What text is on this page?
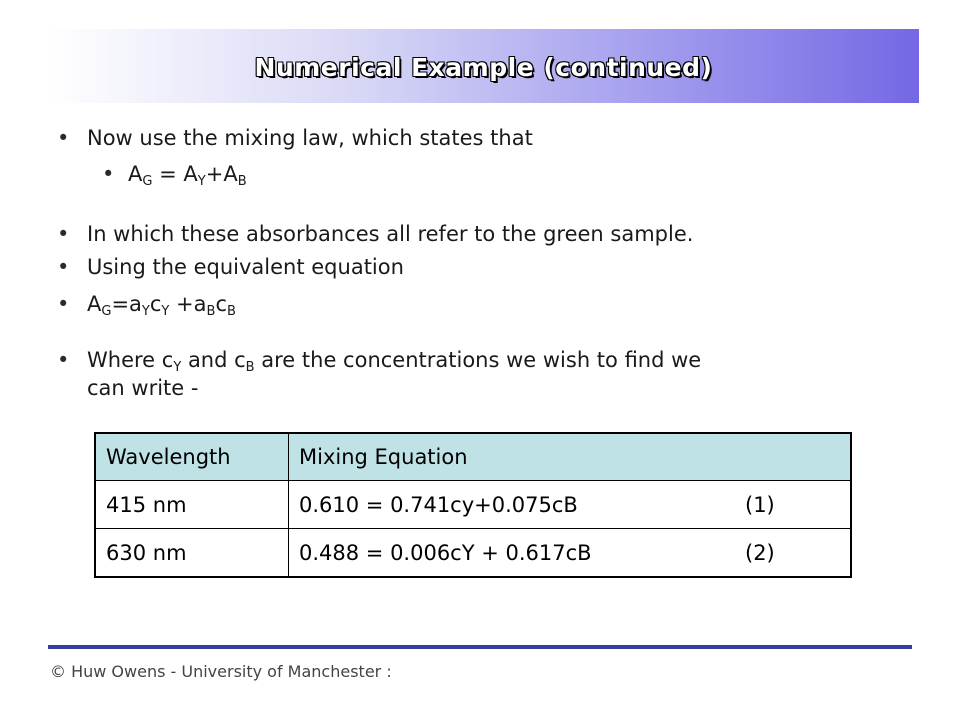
Numerical Example (continued)
• Now use the mixing law, which states that
• $A_G = A_Y+A_B$
• In which these absorbances all refer to the green sample.
• Using the equivalent equation
• $A_G=a_Yc_Y +a_Bc_B$
• Where $c_Y$ and $c_B$ are the concentrations we wish to find we
can write -
Wavelength	Mixing Equation
415 nm	0.610 = 0.741cy+0.075cB (1)
630 nm	0.488 = 0.006cY + 0.617cB (2)
© Huw Owens - University of Manchester :
